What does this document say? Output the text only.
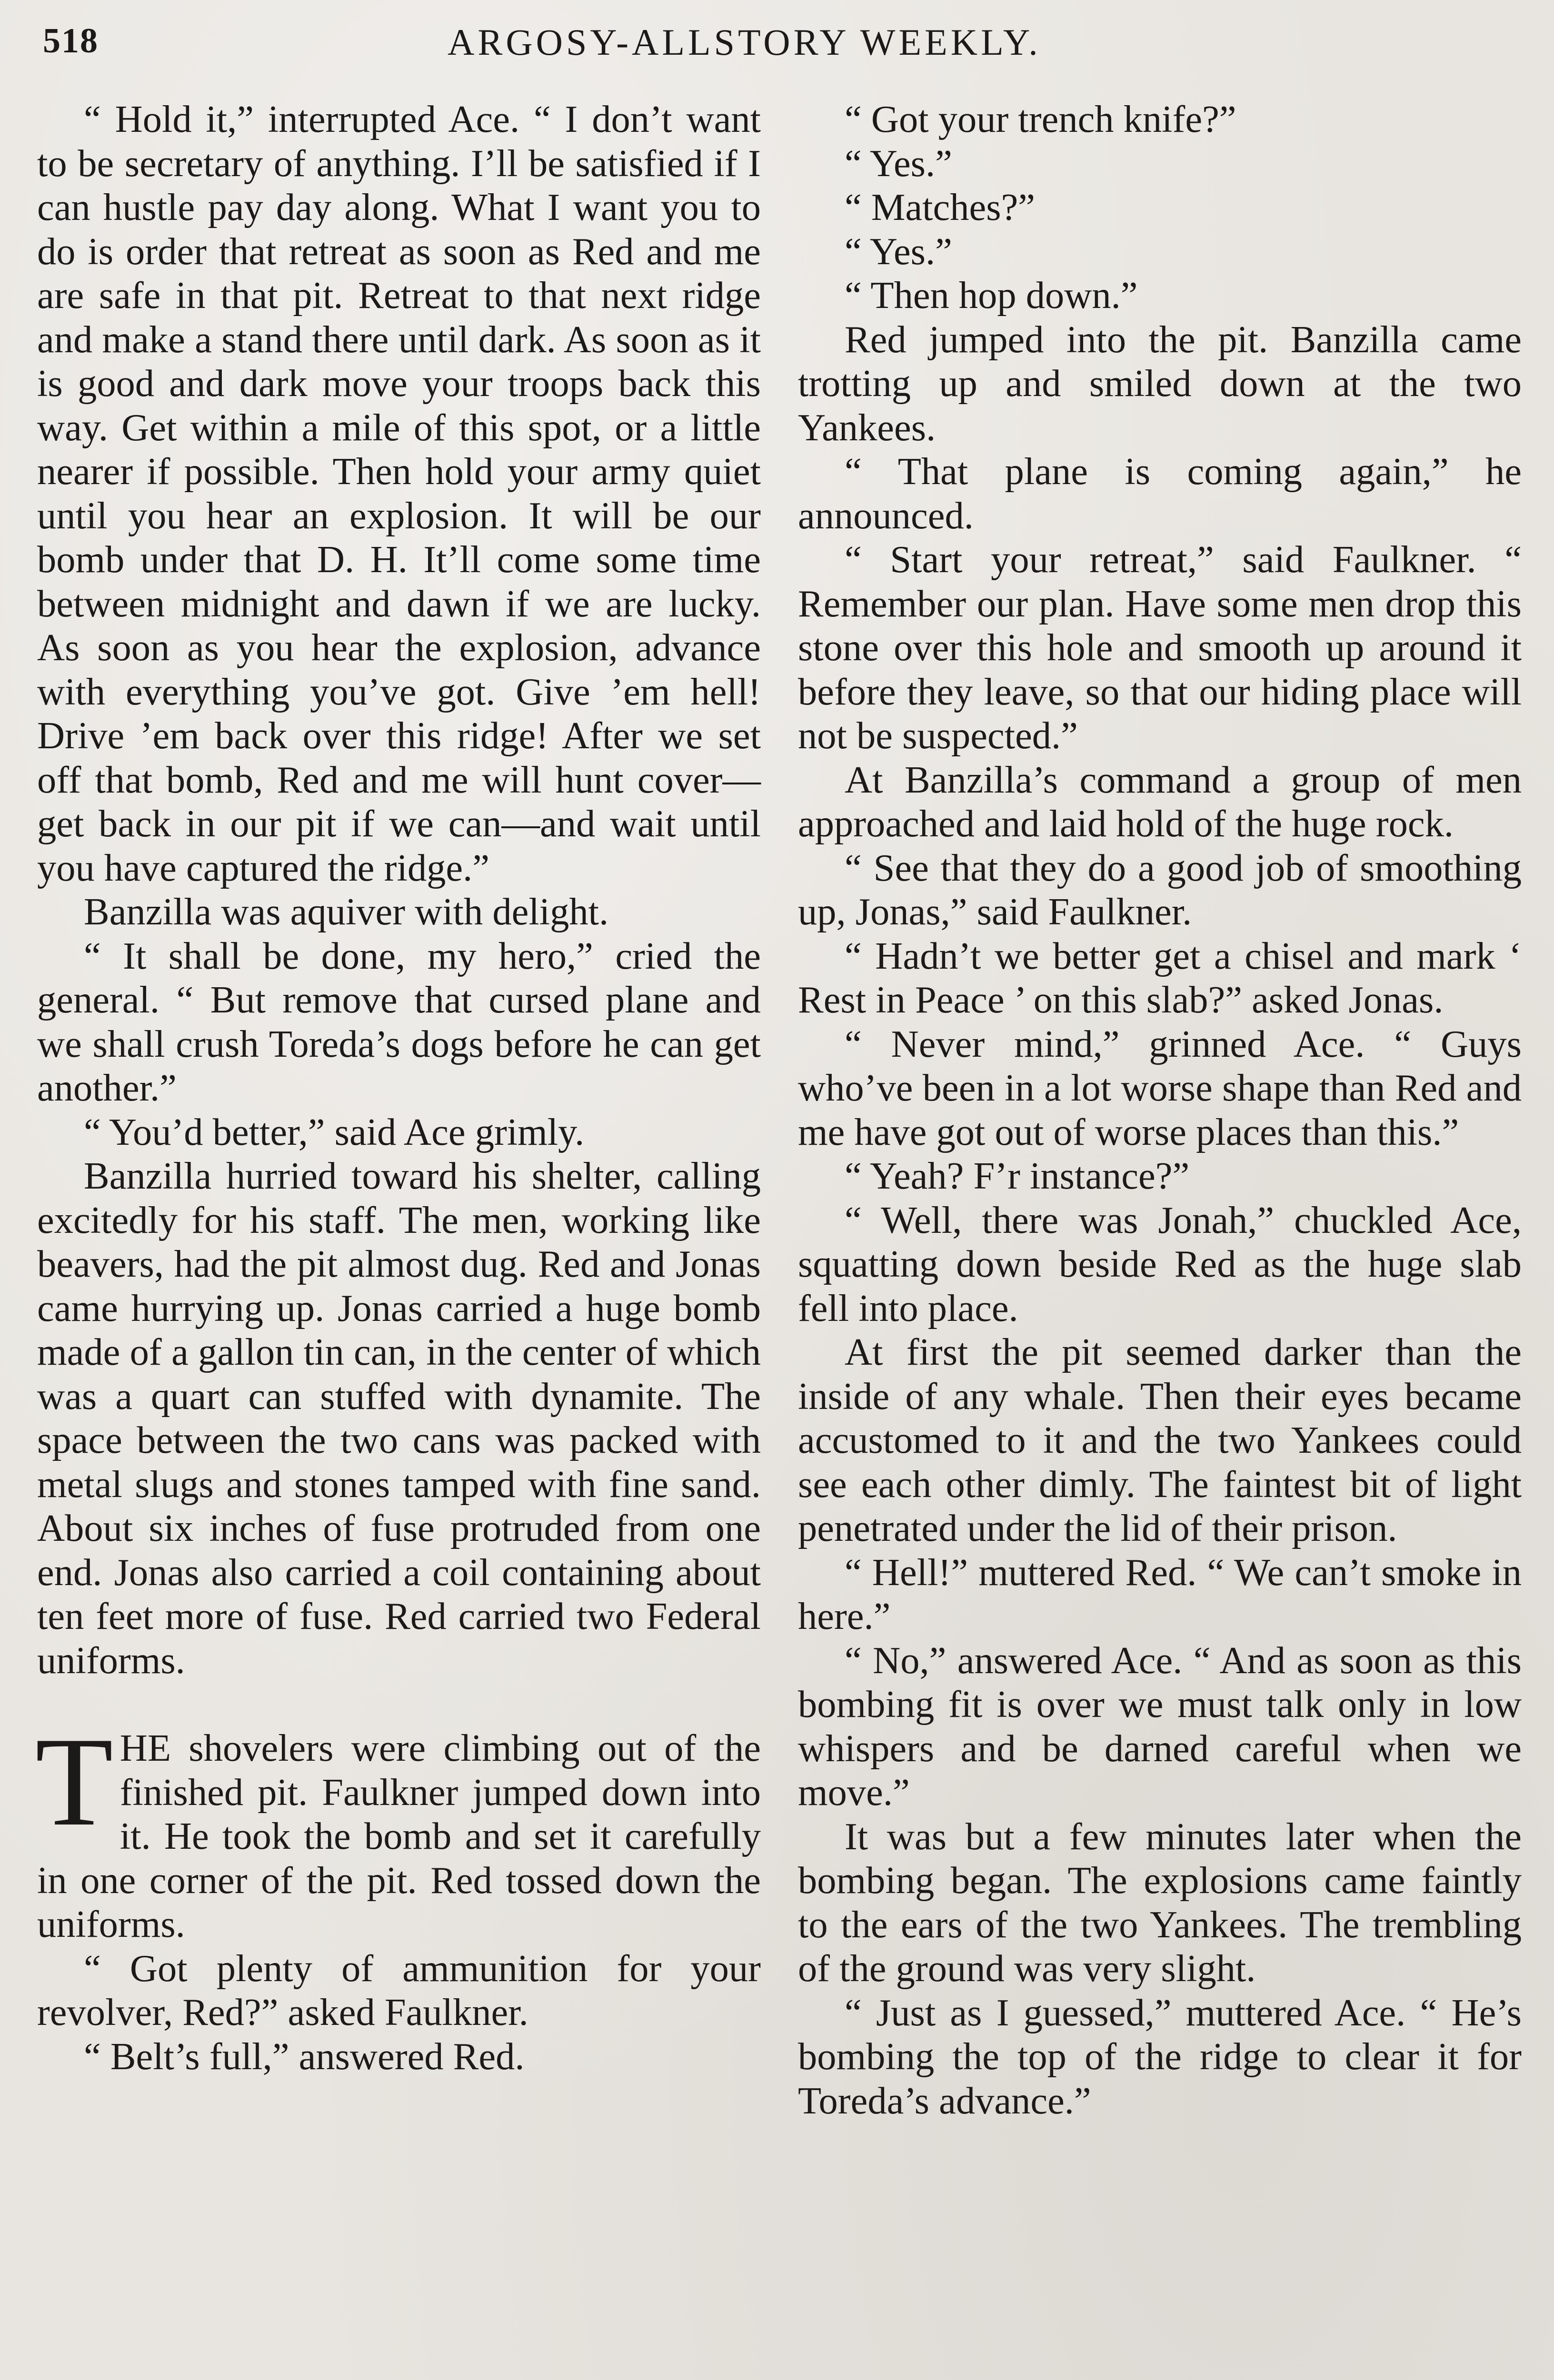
518	ARGOSY-ALLSTORY WEEKLY.

“ Hold it,” interrupted Ace. “ I don’t want to be secretary of anything. I’ll be satisfied if I can hustle pay day along. What I want you to do is order that retreat as soon as Red and me are safe in that pit. Retreat to that next ridge and make a stand there until dark. As soon as it is good and dark move your troops back this way. Get within a mile of this spot, or a little nearer if possible. Then hold your army quiet until you hear an explosion. It will be our bomb under that D. H. It’ll come some time between midnight and dawn if we are lucky. As soon as you hear the explosion, advance with everything you’ve got. Give ’em hell! Drive ’em back over this ridge! After we set off that bomb, Red and me will hunt cover—get back in our pit if we can—and wait until you have captured the ridge.”

Banzilla was aquiver with delight.

“ It shall be done, my hero,” cried the general. “ But remove that cursed plane and we shall crush Toreda’s dogs before he can get another.”

“ You’d better,” said Ace grimly.

Banzilla hurried toward his shelter, calling excitedly for his staff. The men, working like beavers, had the pit almost dug. Red and Jonas came hurrying up. Jonas carried a huge bomb made of a gallon tin can, in the center of which was a quart can stuffed with dynamite. The space between the two cans was packed with metal slugs and stones tamped with fine sand. About six inches of fuse protruded from one end. Jonas also carried a coil containing about ten feet more of fuse. Red carried two Federal uniforms.

THE shovelers were climbing out of the finished pit. Faulkner jumped down into it. He took the bomb and set it carefully in one corner of the pit. Red tossed down the uniforms.

“ Got plenty of ammunition for your revolver, Red?” asked Faulkner.

“ Belt’s full,” answered Red.

“ Got your trench knife?”

“ Yes.”

“ Matches?”

“ Yes.”

“ Then hop down.”

Red jumped into the pit. Banzilla came trotting up and smiled down at the two Yankees.

“ That plane is coming again,” he announced.

“ Start your retreat,” said Faulkner. “ Remember our plan. Have some men drop this stone over this hole and smooth up around it before they leave, so that our hiding place will not be suspected.”

At Banzilla’s command a group of men approached and laid hold of the huge rock.

“ See that they do a good job of smoothing up, Jonas,” said Faulkner.

“ Hadn’t we better get a chisel and mark ‘ Rest in Peace ’ on this slab?” asked Jonas.

“ Never mind,” grinned Ace. “ Guys who’ve been in a lot worse shape than Red and me have got out of worse places than this.”

“ Yeah? F’r instance?”

“ Well, there was Jonah,” chuckled Ace, squatting down beside Red as the huge slab fell into place.

At first the pit seemed darker than the inside of any whale. Then their eyes became accustomed to it and the two Yankees could see each other dimly. The faintest bit of light penetrated under the lid of their prison.

“ Hell!” muttered Red. “ We can’t smoke in here.”

“ No,” answered Ace. “ And as soon as this bombing fit is over we must talk only in low whispers and be darned careful when we move.”

It was but a few minutes later when the bombing began. The explosions came faintly to the ears of the two Yankees. The trembling of the ground was very slight.

“ Just as I guessed,” muttered Ace. “ He’s bombing the top of the ridge to clear it for Toreda’s advance.”
